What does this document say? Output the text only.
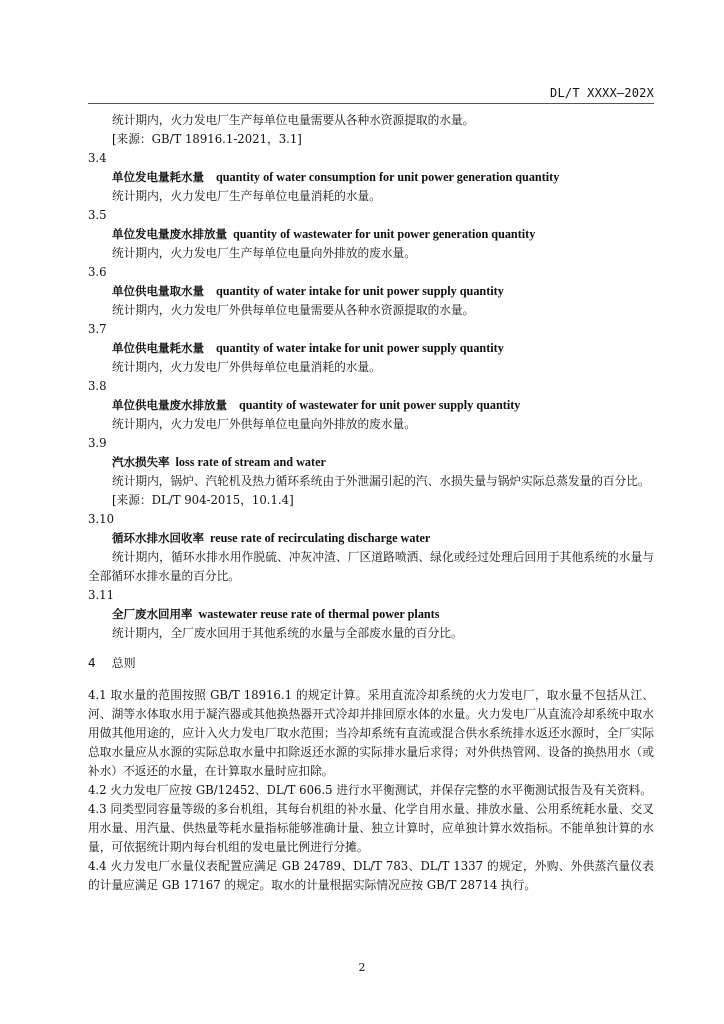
DL/T XXXX—202X
统计期内，火力发电厂生产每单位电量需要从各种水资源提取的水量。
[来源：GB/T 18916.1-2021，3.1]
3.4
单位发电量耗水量 quantity of water consumption for unit power generation quantity
统计期内，火力发电厂生产每单位电量消耗的水量。
3.5
单位发电量废水排放量 quantity of wastewater for unit power generation quantity
统计期内，火力发电厂生产每单位电量向外排放的废水量。
3.6
单位供电量取水量 quantity of water intake for unit power supply quantity
统计期内，火力发电厂外供每单位电量需要从各种水资源提取的水量。
3.7
单位供电量耗水量 quantity of water intake for unit power supply quantity
统计期内，火力发电厂外供每单位电量消耗的水量。
3.8
单位供电量废水排放量 quantity of wastewater for unit power supply quantity
统计期内，火力发电厂外供每单位电量向外排放的废水量。
3.9
汽水损失率 loss rate of stream and water
统计期内，锅炉、汽轮机及热力循环系统由于外泄漏引起的汽、水损失量与锅炉实际总蒸发量的百分比。
[来源：DL/T 904-2015，10.1.4]
3.10
循环水排水回收率 reuse rate of recirculating discharge water
统计期内，循环水排水用作脱硫、冲灰冲渣、厂区道路喷洒、绿化或经过处理后回用于其他系统的水量与全部循环水排水量的百分比。
3.11
全厂废水回用率 wastewater reuse rate of thermal power plants
统计期内，全厂废水回用于其他系统的水量与全部废水量的百分比。
4 总则
4.1 取水量的范围按照 GB/T 18916.1 的规定计算。采用直流冷却系统的火力发电厂，取水量不包括从江、河、湖等水体取水用于凝汽器或其他换热器开式冷却并排回原水体的水量。火力发电厂从直流冷却系统中取水用做其他用途的，应计入火力发电厂取水范围；当冷却系统有直流或混合供水系统排水返还水源时，全厂实际总取水量应从水源的实际总取水量中扣除返还水源的实际排水量后求得；对外供热管网、设备的换热用水（或补水）不返还的水量，在计算取水量时应扣除。
4.2 火力发电厂应按 GB/12452、DL/T 606.5 进行水平衡测试，并保存完整的水平衡测试报告及有关资料。
4.3 同类型同容量等级的多台机组，其每台机组的补水量、化学自用水量、排放水量、公用系统耗水量、交叉用水量、用汽量、供热量等耗水量指标能够准确计量、独立计算时，应单独计算水效指标。不能单独计算的水量，可依据统计期内每台机组的发电量比例进行分摊。
4.4 火力发电厂水量仪表配置应满足 GB 24789、DL/T 783、DL/T 1337 的规定，外购、外供蒸汽量仪表的计量应满足 GB 17167 的规定。取水的计量根据实际情况应按 GB/T 28714 执行。
2
